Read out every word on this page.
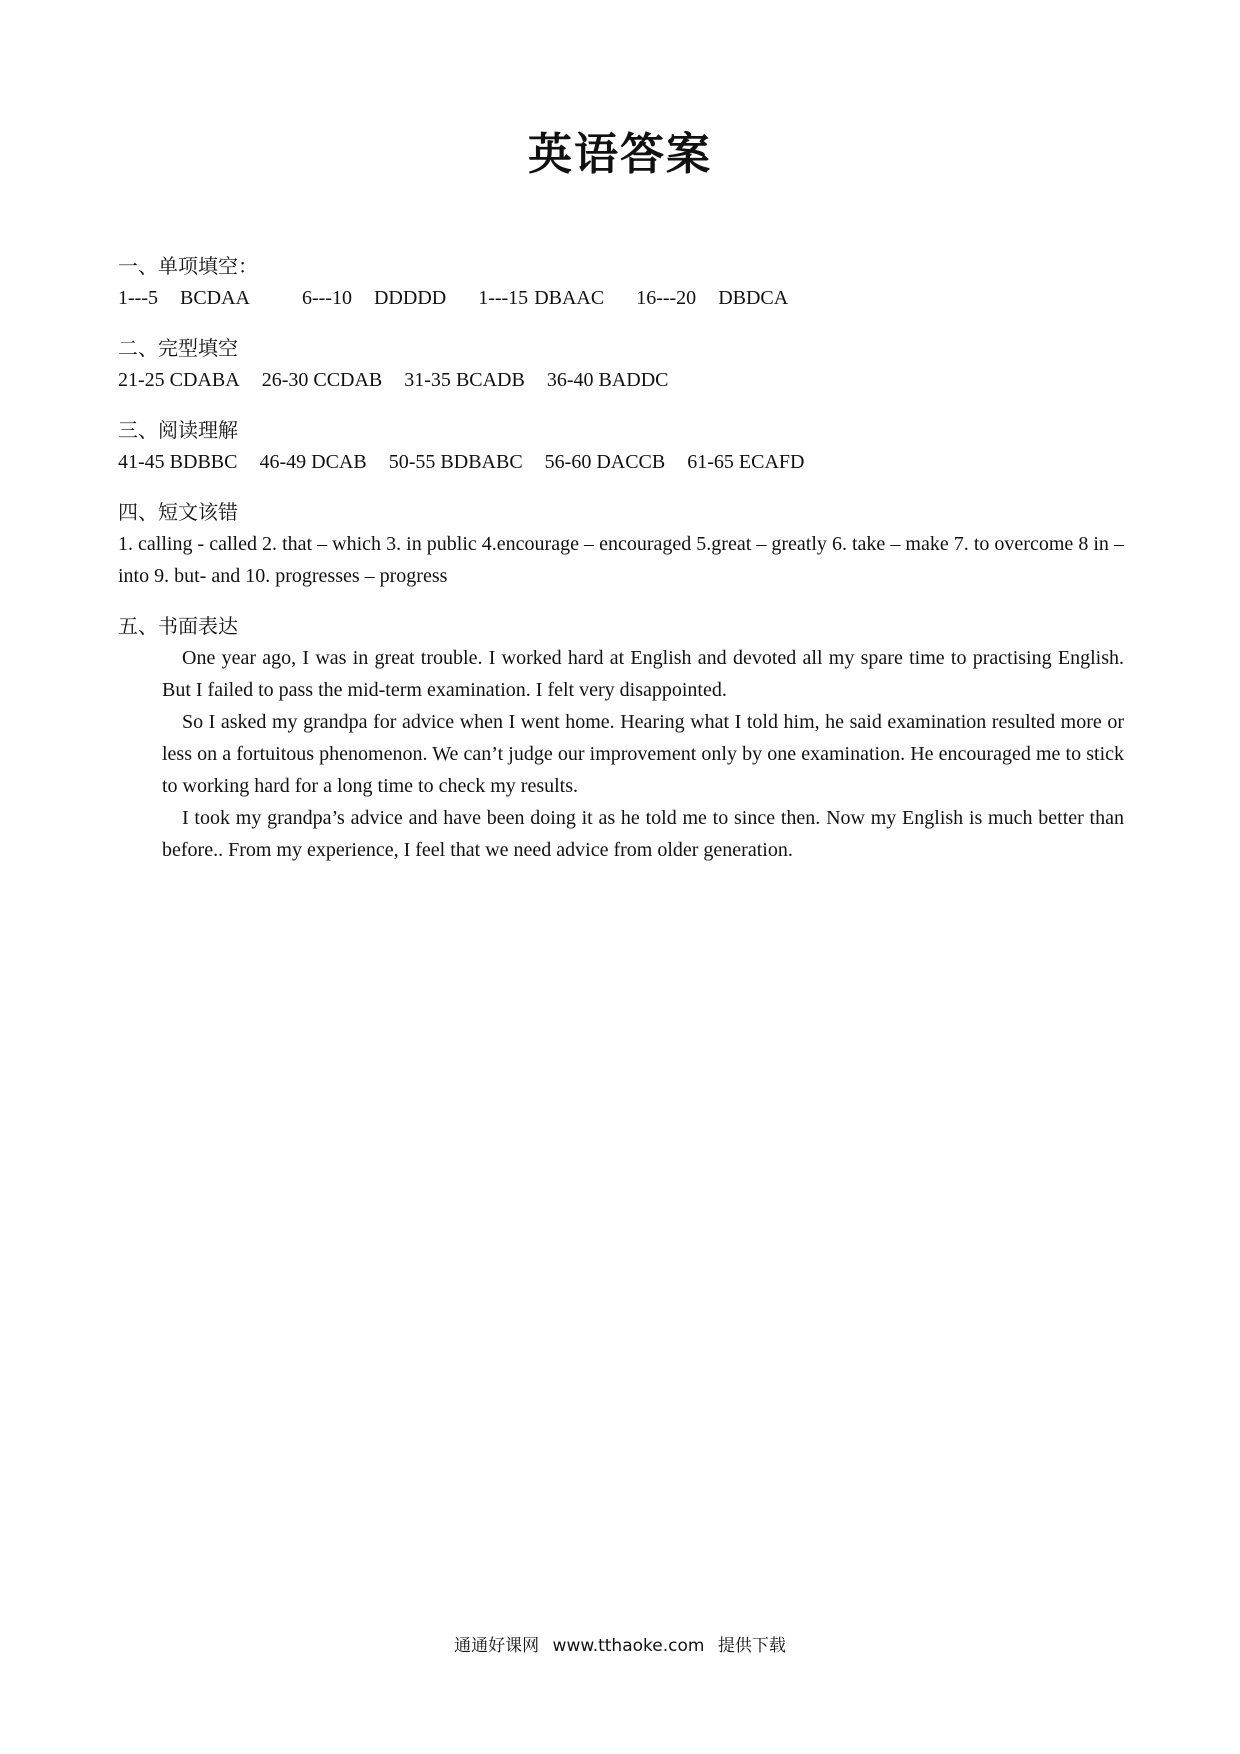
英语答案
一、单项填空：
1---5 BCDAA	6---10 DDDDD 1---15 DBAAC 16---20 DBDCA
二、完型填空
21-25 CDABA 26-30 CCDAB 31-35 BCADB 36-40 BADDC
三、阅读理解
41-45 BDBBC 46-49 DCAB 50-55 BDBABC 56-60 DACCB 61-65 ECAFD
四、短文该错
1. calling - called 2. that – which 3. in public 4.encourage – encouraged 5.great – greatly 6. take – make 7. to overcome 8 in – into 9. but- and 10. progresses – progress
五、书面表达

One year ago, I was in great trouble. I worked hard at English and devoted all my spare time to practising English. But I failed to pass the mid-term examination. I felt very disappointed.

So I asked my grandpa for advice when I went home. Hearing what I told him, he said examination resulted more or less on a fortuitous phenomenon. We can’t judge our improvement only by one examination. He encouraged me to stick to working hard for a long time to check my results.

I took my grandpa’s advice and have been doing it as he told me to since then. Now my English is much better than before.. From my experience, I feel that we need advice from older generation.

通通好课网 www.tthaoke.com 提供下载
